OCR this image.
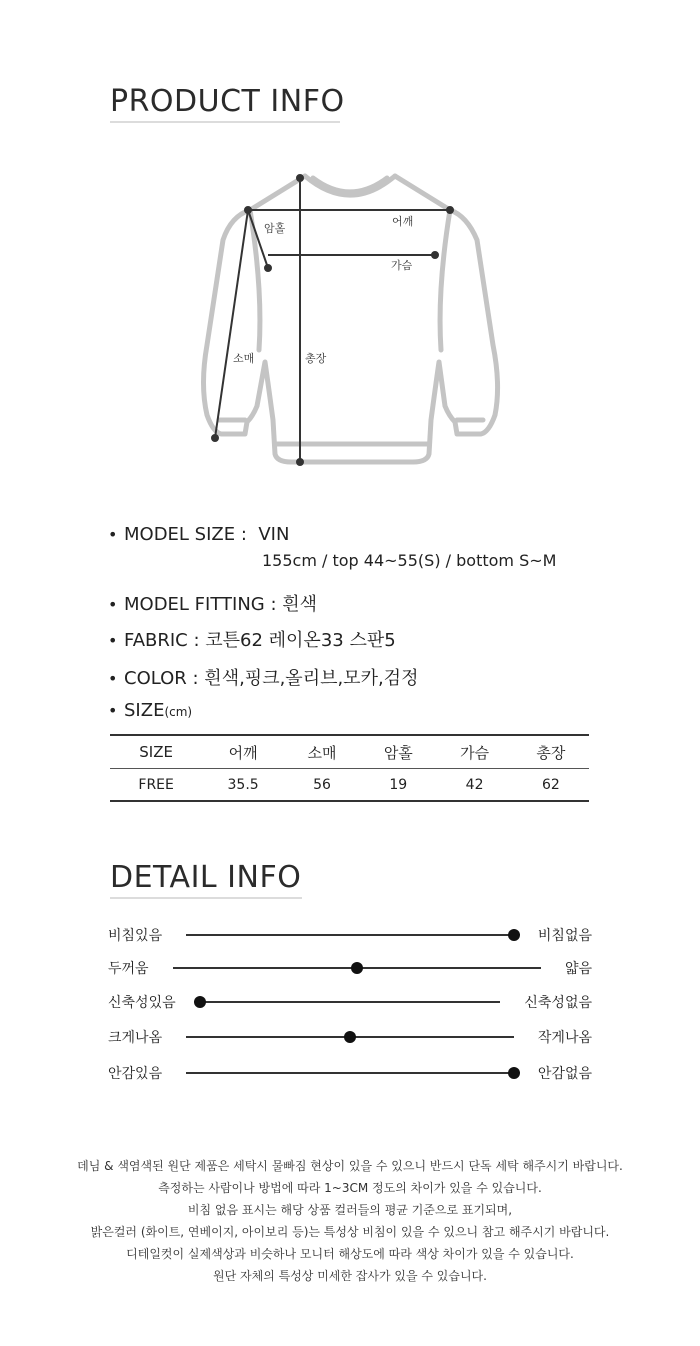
PRODUCT INFO
어깨
암홀
가슴
소매	총장
• MODEL SIZE : VIN
155cm / top 44~55(S) / bottom S~M
• MODEL FITTING : 흰색
• FABRIC : 코튼62 레이온33 스판5
• COLOR : 흰색,핑크,올리브,모카,검정
• SIZE(cm)
SIZE	어깨	소매	암홀	가슴	총장
FREE	35.5	56	19	42	62
DETAIL INFO
비침있음	비침없음
두꺼움	얇음
신축성있음	신축성없음
크게나옴	작게나옴
안감있음	안감없음
데님 & 색염색된 원단 제품은 세탁시 물빠짐 현상이 있을 수 있으니 반드시 단독 세탁 해주시기 바랍니다.
측정하는 사람이나 방법에 따라 1~3CM 정도의 차이가 있을 수 있습니다.
비침 없음 표시는 해당 상품 컬러들의 평균 기준으로 표기되며,
밝은컬러 (화이트, 연베이지, 아이보리 등)는 특성상 비침이 있을 수 있으니 참고 해주시기 바랍니다.
디테일컷이 실제색상과 비슷하나 모니터 해상도에 따라 색상 차이가 있을 수 있습니다.
원단 자체의 특성상 미세한 잡사가 있을 수 있습니다.
